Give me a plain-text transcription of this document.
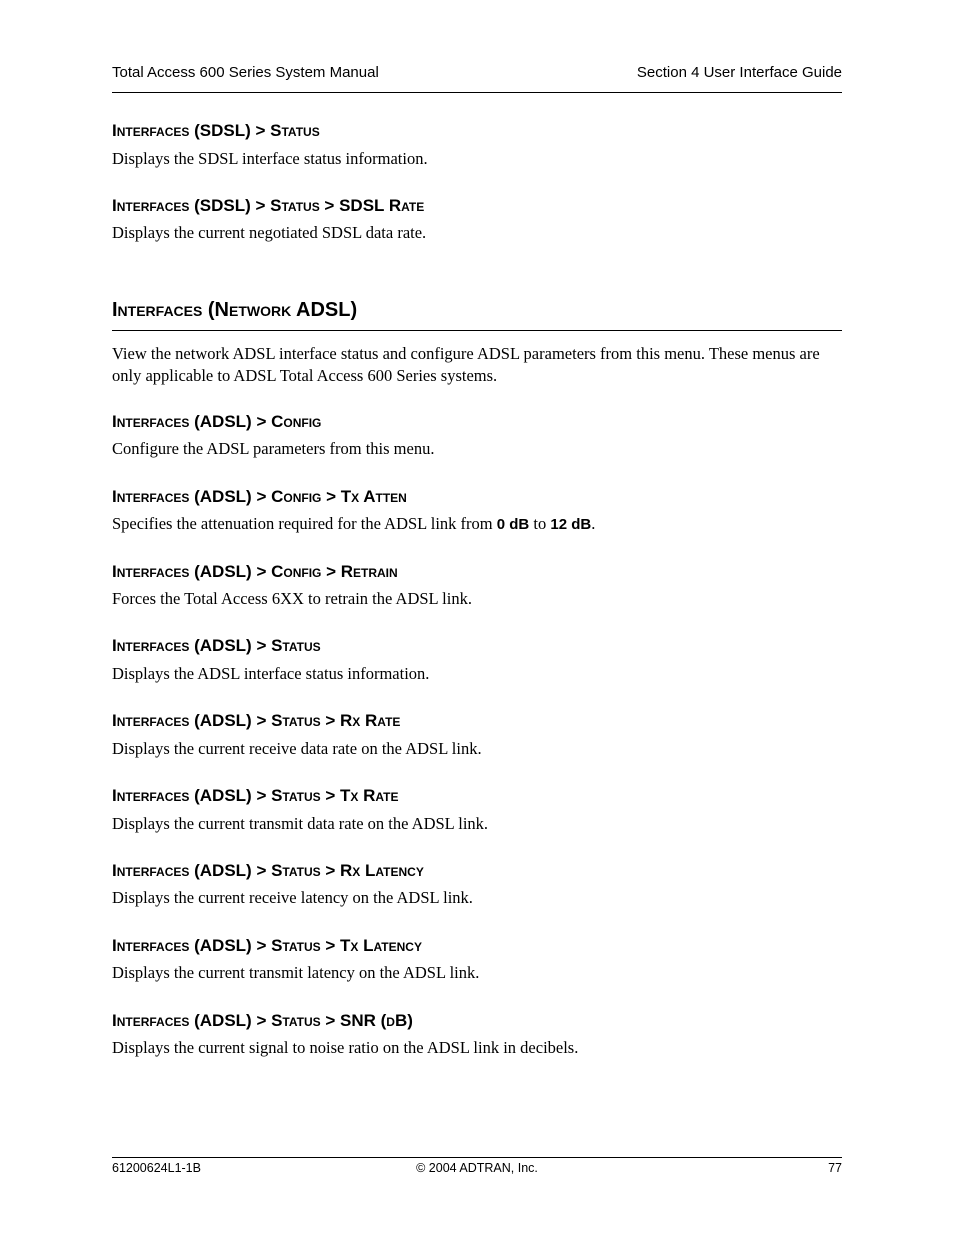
Total Access 600 Series System Manual	Section 4 User Interface Guide
Interfaces (SDSL) > Status
Displays the SDSL interface status information.
Interfaces (SDSL) > Status > SDSL Rate
Displays the current negotiated SDSL data rate.
Interfaces (Network ADSL)
View the network ADSL interface status and configure ADSL parameters from this menu. These menus are only applicable to ADSL Total Access 600 Series systems.
Interfaces (ADSL) > Config
Configure the ADSL parameters from this menu.
Interfaces (ADSL) > Config > Tx Atten
Specifies the attenuation required for the ADSL link from 0 dB to 12 dB.
Interfaces (ADSL) > Config > Retrain
Forces the Total Access 6XX to retrain the ADSL link.
Interfaces (ADSL) > Status
Displays the ADSL interface status information.
Interfaces (ADSL) > Status > Rx Rate
Displays the current receive data rate on the ADSL link.
Interfaces (ADSL) > Status > Tx Rate
Displays the current transmit data rate on the ADSL link.
Interfaces (ADSL) > Status > Rx Latency
Displays the current receive latency on the ADSL link.
Interfaces (ADSL) > Status > Tx Latency
Displays the current transmit latency on the ADSL link.
Interfaces (ADSL) > Status > SNR (dB)
Displays the current signal to noise ratio on the ADSL link in decibels.
61200624L1-1B	© 2004 ADTRAN, Inc.	77
